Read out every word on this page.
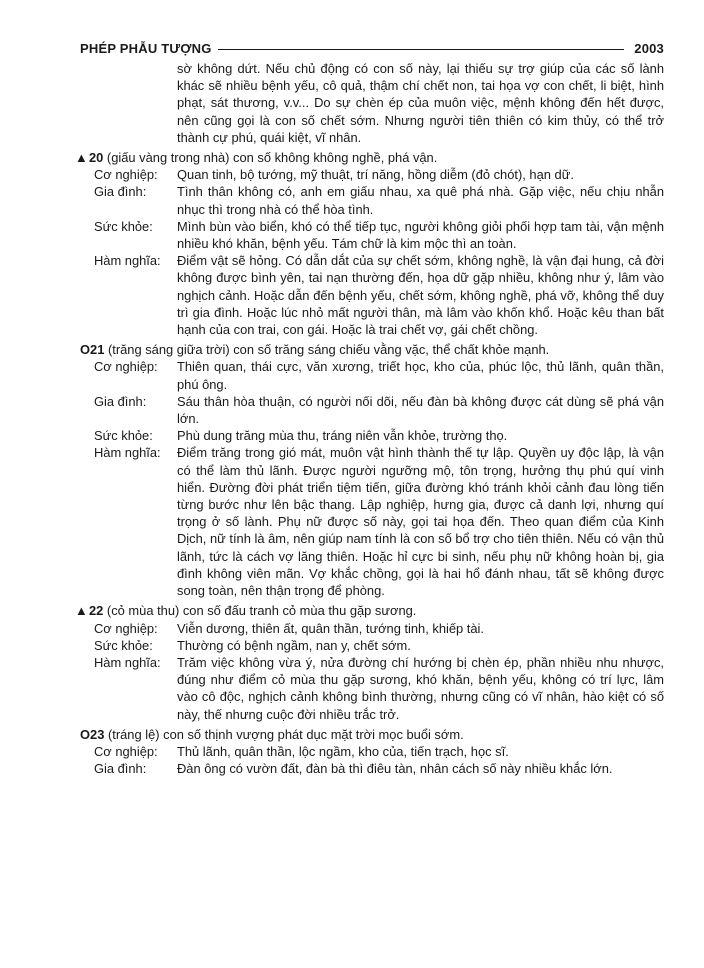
PHÉP PHẪU TƯỢNG	2003
sờ không dứt. Nếu chủ động có con số này, lại thiếu sự trợ giúp của các số lành khác sẽ nhiều bệnh yếu, cô quả, thậm chí chết non, tai họa vợ con chết, li biệt, hình phạt, sát thương, v.v... Do sự chèn ép của muôn việc, mệnh không đến hết được, nên cũng gọi là con số chết sớm. Nhưng người tiên thiên có kim thủy, có thể trở thành cự phú, quái kiệt, vĩ nhân.
▲ 20 (giấu vàng trong nhà) con số không không nghề, phá vận.
Cơ nghiệp:	Quan tinh, bộ tướng, mỹ thuật, trí năng, hồng diễm (đỏ chót), hạn dữ.
Gia đình:	Tình thân không có, anh em giấu nhau, xa quê phá nhà. Gặp việc, nếu chịu nhẫn nhục thì trong nhà có thể hòa tình.
Sức khỏe:	Mình bùn vào biển, khó có thể tiếp tục, người không giỏi phối hợp tam tài, vận mệnh nhiều khó khăn, bệnh yếu. Tám chữ là kim mộc thì an toàn.
Hàm nghĩa:	Điểm vật sẽ hỏng. Có dẫn dắt của sự chết sớm, không nghề, là vận đại hung, cả đời không được bình yên, tai nạn thường đến, họa dữ gặp nhiều, không như ý, lâm vào nghịch cảnh. Hoặc dẫn đến bệnh yếu, chết sớm, không nghề, phá vỡ, không thể duy trì gia đình. Hoặc lúc nhỏ mất người thân, mà lâm vào khốn khổ. Hoặc kêu than bất hạnh của con trai, con gái. Hoặc là trai chết vợ, gái chết chồng.
O21 (trăng sáng giữa trời) con số trăng sáng chiếu vằng vặc, thể chất khỏe mạnh.
Cơ nghiệp:	Thiên quan, thái cực, văn xương, triết học, kho của, phúc lộc, thủ lãnh, quân thần, phú ông.
Gia đình:	Sáu thân hòa thuận, có người nối dõi, nếu đàn bà không được cát dùng sẽ phá vận lớn.
Sức khỏe:	Phù dung trăng mùa thu, tráng niên vẫn khỏe, trường thọ.
Hàm nghĩa:	Điểm trăng trong gió mát, muôn vật hình thành thế tự lập. Quyền uy độc lập, là vận có thể làm thủ lãnh. Được người ngưỡng mộ, tôn trọng, hưởng thụ phú quí vinh hiển. Đường đời phát triển tiệm tiến, giữa đường khó tránh khỏi cảnh đau lòng tiến từng bước như lên bậc thang. Lập nghiệp, hưng gia, được cả danh lợi, nhưng quí trọng ở số lành. Phụ nữ được số này, gọi tai họa đến. Theo quan điểm của Kinh Dịch, nữ tính là âm, nên giúp nam tính là con số bổ trợ cho tiên thiên. Nếu có vận thủ lãnh, tức là cách vợ lăng thiên. Hoặc hỉ cực bi sinh, nếu phụ nữ không hoàn bị, gia đình không viên mãn. Vợ khắc chồng, gọi là hai hổ đánh nhau, tất sẽ không được song toàn, nên thận trọng để phòng.
▲ 22 (cỏ mùa thu) con số đấu tranh cỏ mùa thu gặp sương.
Cơ nghiệp:	Viễn dương, thiên ất, quân thần, tướng tinh, khiếp tài.
Sức khỏe:	Thường có bệnh ngầm, nan y, chết sớm.
Hàm nghĩa:	Trăm việc không vừa ý, nửa đường chí hướng bị chèn ép, phần nhiều nhu nhược, đúng như điểm cỏ mùa thu gặp sương, khó khăn, bệnh yếu, không có trí lực, lâm vào cô độc, nghịch cảnh không bình thường, nhưng cũng có vĩ nhân, hào kiệt có số này, thế nhưng cuộc đời nhiều trắc trở.
O23 (tráng lệ) con số thịnh vượng phát dục mặt trời mọc buổi sớm.
Cơ nghiệp:	Thủ lãnh, quân thần, lộc ngầm, kho của, tiến trạch, học sĩ.
Gia đình:	Đàn ông có vườn đất, đàn bà thì điêu tàn, nhân cách số này nhiều khắc lớn.
